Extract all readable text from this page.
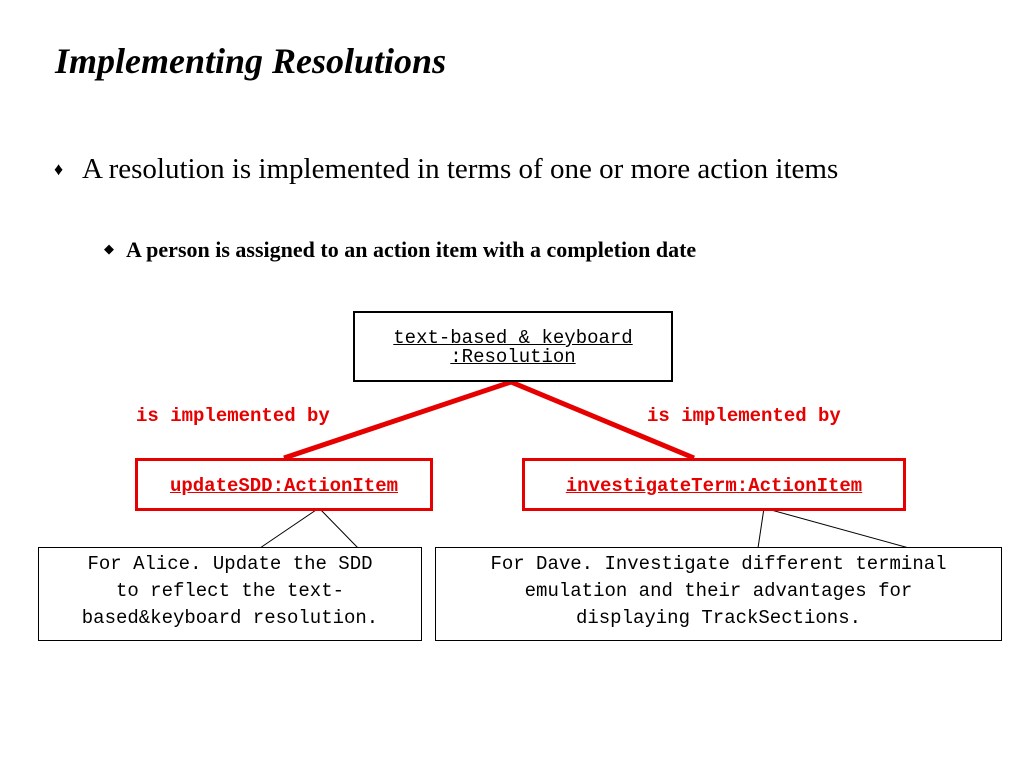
Implementing Resolutions
♦ A resolution is implemented in terms of one or more action items
◆ A person is assigned to an action item with a completion date
text-based & keyboard
:Resolution
is implemented by	is implemented by
updateSDD:ActionItem	investigateTerm:ActionItem
For Alice. Update the SDD
to reflect the text-
based&keyboard resolution.
For Dave. Investigate different terminal
emulation and their advantages for
displaying TrackSections.
